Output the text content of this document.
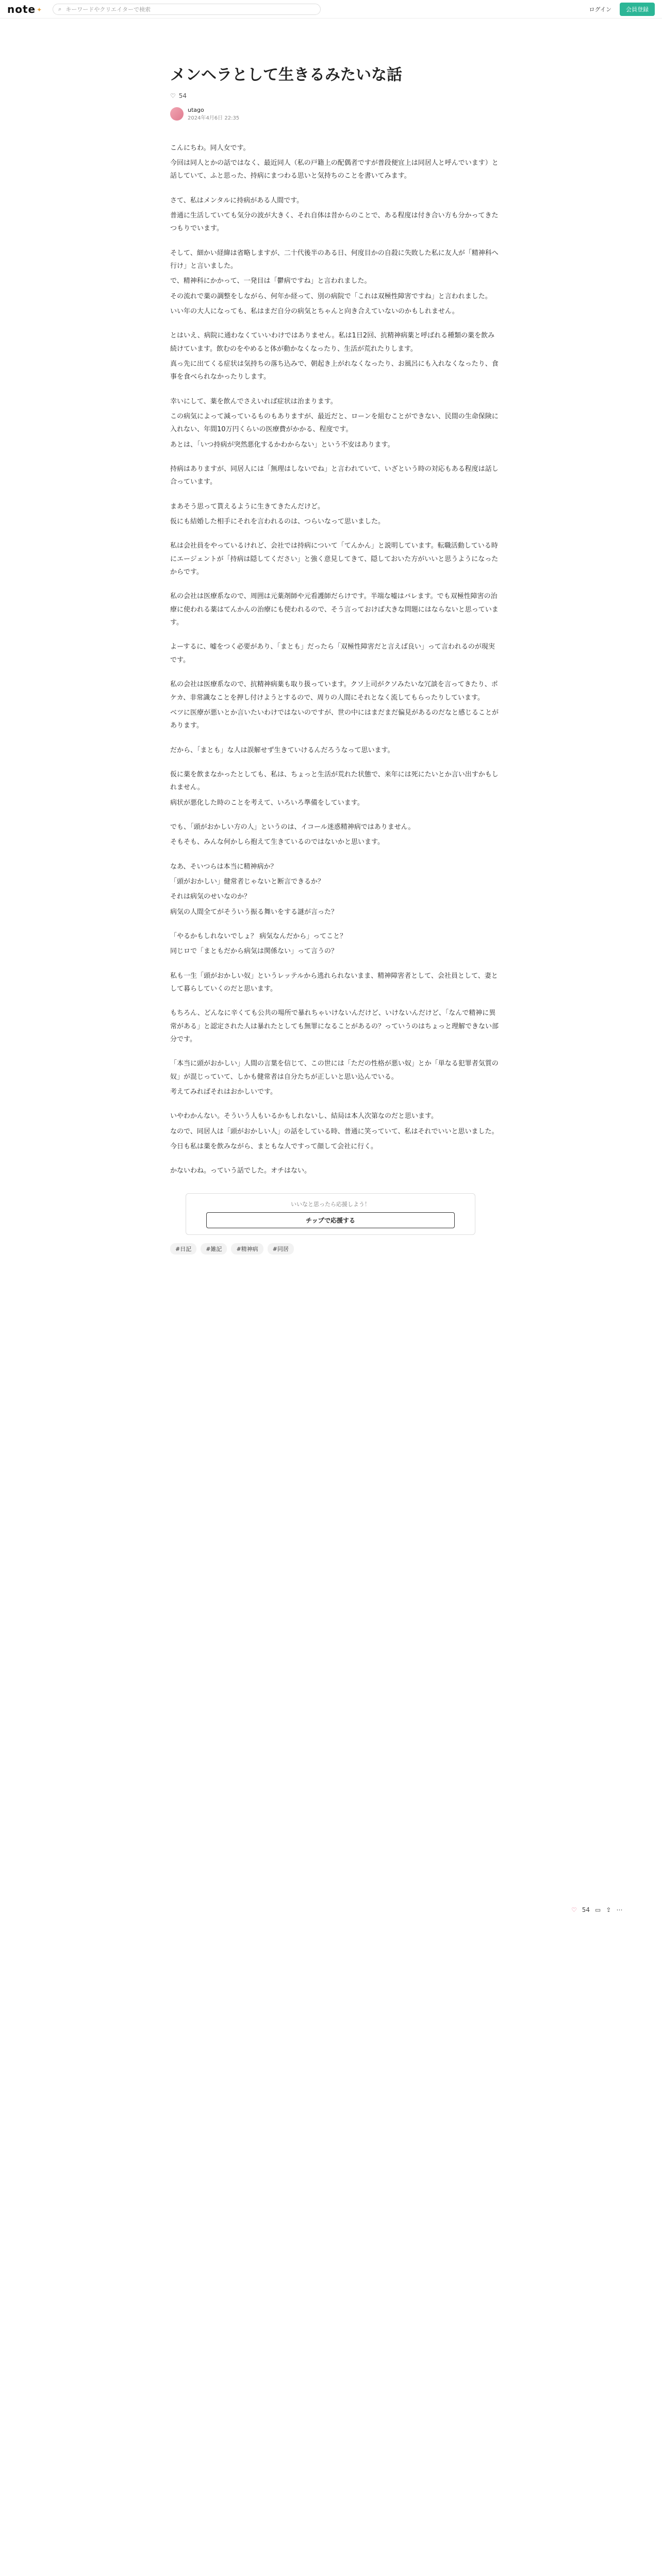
note ✦	⌕ キーワードやクリエイターで検索	ログイン	会員登録
メンヘラとして生きるみたいな話
♡ 54
utago
2024年4月6日 22:35

こんにちわ。同人女です。

今回は同人とかの話ではなく、最近同人（私の戸籍上の配偶者ですが普段便宜上は同居人と呼んでいます）と話していて、ふと思った、持病にまつわる思いと気持ちのことを書いてみます。

さて、私はメンタルに持病がある人間です。

普通に生活していても気分の波が大きく、それ自体は昔からのことで、ある程度は付き合い方も分かってきたつもりでいます。

そして、細かい経緯は省略しますが、二十代後半のある日、何度目かの自殺に失敗した私に友人が「精神科へ行け」と言いました。

で、精神科にかかって、一発目は「鬱病ですね」と言われました。

その流れで薬の調整をしながら、何年か経って、別の病院で「これは双極性障害ですね」と言われました。

いい年の大人になっても、私はまだ自分の病気とちゃんと向き合えていないのかもしれません。

とはいえ、病院に通わなくていいわけではありません。私は1日2回、抗精神病薬と呼ばれる種類の薬を飲み続けています。飲むのをやめると体が動かなくなったり、生活が荒れたりします。

真っ先に出てくる症状は気持ちの落ち込みで、朝起き上がれなくなったり、お風呂にも入れなくなったり、食事を食べられなかったりします。

幸いにして、薬を飲んでさえいれば症状は治まります。

この病気によって減っているものもありますが、最近だと、ローンを組むことができない、民間の生命保険に入れない、年間10万円くらいの医療費がかかる、程度です。

あとは、「いつ持病が突然悪化するかわからない」という不安はあります。

持病はありますが、同居人には「無理はしないでね」と言われていて、いざという時の対応もある程度は話し合っています。

まあそう思って貰えるように生きてきたんだけど。

仮にも結婚した相手にそれを言われるのは、つらいなって思いました。

私は会社員をやっているけれど、会社では持病について「てんかん」と説明しています。転職活動している時にエージェントが「持病は隠してください」と強く意見してきて、隠しておいた方がいいと思うようになったからです。

私の会社は医療系なので、周囲は元薬剤師や元看護師だらけです。半端な嘘はバレます。でも双極性障害の治療に使われる薬はてんかんの治療にも使われるので、そう言っておけば大きな問題にはならないと思っています。

よーするに、嘘をつく必要があり、「まとも」だったら「双極性障害だと言えば良い」って言われるのが現実です。

私の会社は医療系なので、抗精神病薬も取り扱っています。クソ上司がクソみたいな冗談を言ってきたり、ポケカ、非常識なことを押し付けようとするので、周りの人間にそれとなく流してもらったりしています。

ベツに医療が悪いとか言いたいわけではないのですが、世の中にはまだまだ偏見があるのだなと感じることがあります。

だから、「まとも」な人は誤解せず生きていけるんだろうなって思います。

仮に薬を飲まなかったとしても、私は、ちょっと生活が荒れた状態で、来年には死にたいとか言い出すかもしれません。

病状が悪化した時のことを考えて、いろいろ準備をしています。

でも、「頭がおかしい方の人」というのは、イコール迷惑精神病ではありません。

そもそも、みんな何かしら抱えて生きているのではないかと思います。

なあ、そいつらは本当に精神病か？

「頭がおかしい」健常者じゃないと断言できるか？

それは病気のせいなのか？

病気の人間全てがそういう振る舞いをする謎が言った？

「やるかもしれないでしょ？ 病気なんだから」ってこと？

同じロで「まともだから病気は関係ない」って言うの？

私も一生「頭がおかしい奴」というレッテルから逃れられないまま、精神障害者として、会社員として、妻として暮らしていくのだと思います。

もちろん、どんなに辛くても公共の場所で暴れちゃいけないんだけど、いけないんだけど、「なんで精神に異常がある」と認定された人は暴れたとしても無罪になることがあるの？っていうのはちょっと理解できない部分です。

「本当に頭がおかしい」人間の言葉を信じて、この世には「ただの性格が悪い奴」とか「単なる犯罪者気質の奴」が混じっていて、しかも健常者は自分たちが正しいと思い込んでいる。

考えてみればそれはおかしいです。

いやわかんない。そういう人もいるかもしれないし、結局は本人次第なのだと思います。

なので、同居人は「頭がおかしい人」の話をしている時、普通に笑っていて、私はそれでいいと思いました。

今日も私は薬を飲みながら、まともな人ですって顔して会社に行く。

かないわね。っていう話でした。オチはない。

♡ 54 ▭ ⇪ ⋯
いいなと思ったら応援しよう！
チップで応援する
#日記	#雑記	#精神病	#同居
